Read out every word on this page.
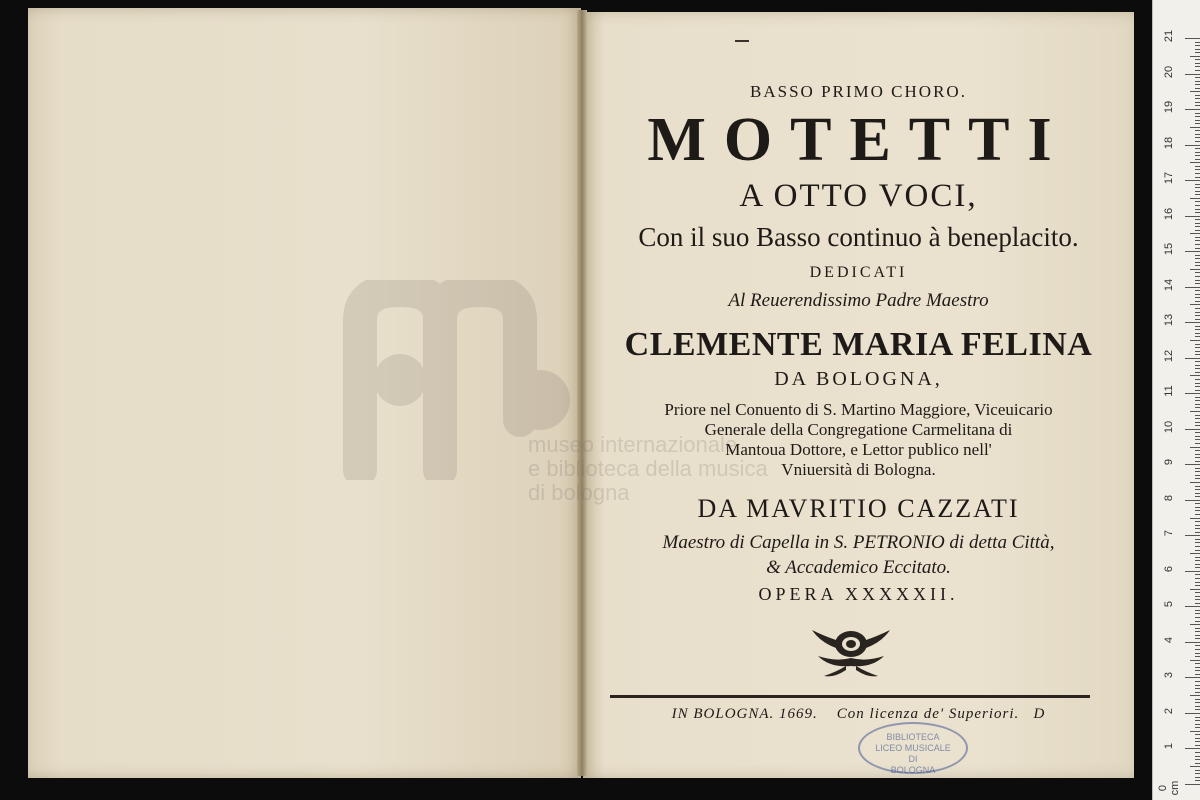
museo internazionale
e biblioteca della musica
di bologna
BASSO PRIMO CHORO.
MOTETTI
A OTTO VOCI,
Con il suo Basso continuo à beneplacito.
DEDICATI
Al Reuerendissimo Padre Maestro
CLEMENTE MARIA FELINA
DA BOLOGNA,
Priore nel Conuento di S. Martino Maggiore, Viceuicario
Generale della Congregatione Carmelitana di
Mantoua Dottore, e Lettor publico nell'
Vniuersità di Bologna.
DA MAVRITIO CAZZATI
Maestro di Capella in S. PETRONIO di detta Città,
& Accademico Eccitato.
OPERA XXXXXII.
IN BOLOGNA. 1669.    Con licenza de' Superiori.   D
BIBLIOTECA
LICEO MUSICALE
DI
BOLOGNA
21
20
19
18
17
16
15
14
13
12
11
10
9
8
7
6
5
4
3
2
1
0 cm
